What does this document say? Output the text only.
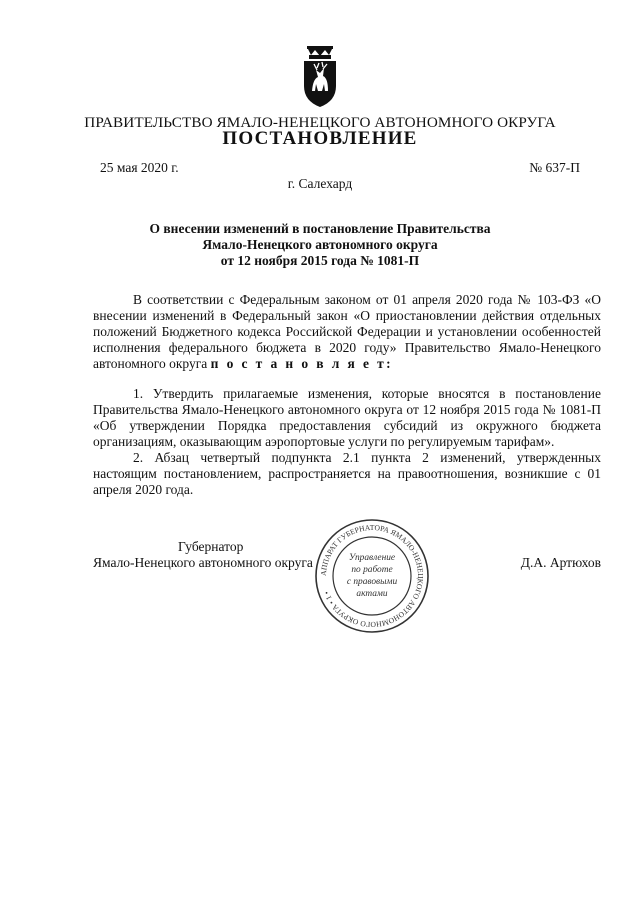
ПРАВИТЕЛЬСТВО ЯМАЛО-НЕНЕЦКОГО АВТОНОМНОГО ОКРУГА
ПОСТАНОВЛЕНИЕ
25 мая 2020 г.	№ 637-П
г. Салехард
О внесении изменений в постановление Правительства
Ямало-Ненецкого автономного округа
от 12 ноября 2015 года № 1081-П

В соответствии с Федеральным законом от 01 апреля 2020 года № 103-ФЗ «О внесении изменений в Федеральный закон «О приостановлении действия отдельных положений Бюджетного кодекса Российской Федерации и установлении особенностей исполнения федерального бюджета в 2020 году» Правительство Ямало-Ненецкого автономного округа п о с т а н о в л я е т:

1. Утвердить прилагаемые изменения, которые вносятся в постановление Правительства Ямало-Ненецкого автономного округа от 12 ноября 2015 года № 1081-П «Об утверждении Порядка предоставления субсидий из окружного бюджета организациям, оказывающим аэропортовые услуги по регулируемым тарифам».

2. Абзац четвертый подпункта 2.1 пункта 2 изменений, утвержденных настоящим постановлением, распространяется на правоотношения, возникшие с 01 апреля 2020 года.

Губернатор
Ямало-Ненецкого автономного округа	Д.А. Артюхов
АППАРАТ ГУБЕРНАТОРА ЯМАЛО-НЕНЕЦКОГО АВТОНОМНОГО ОКРУГА • 1 •
Управление
по работе
с правовыми
актами
